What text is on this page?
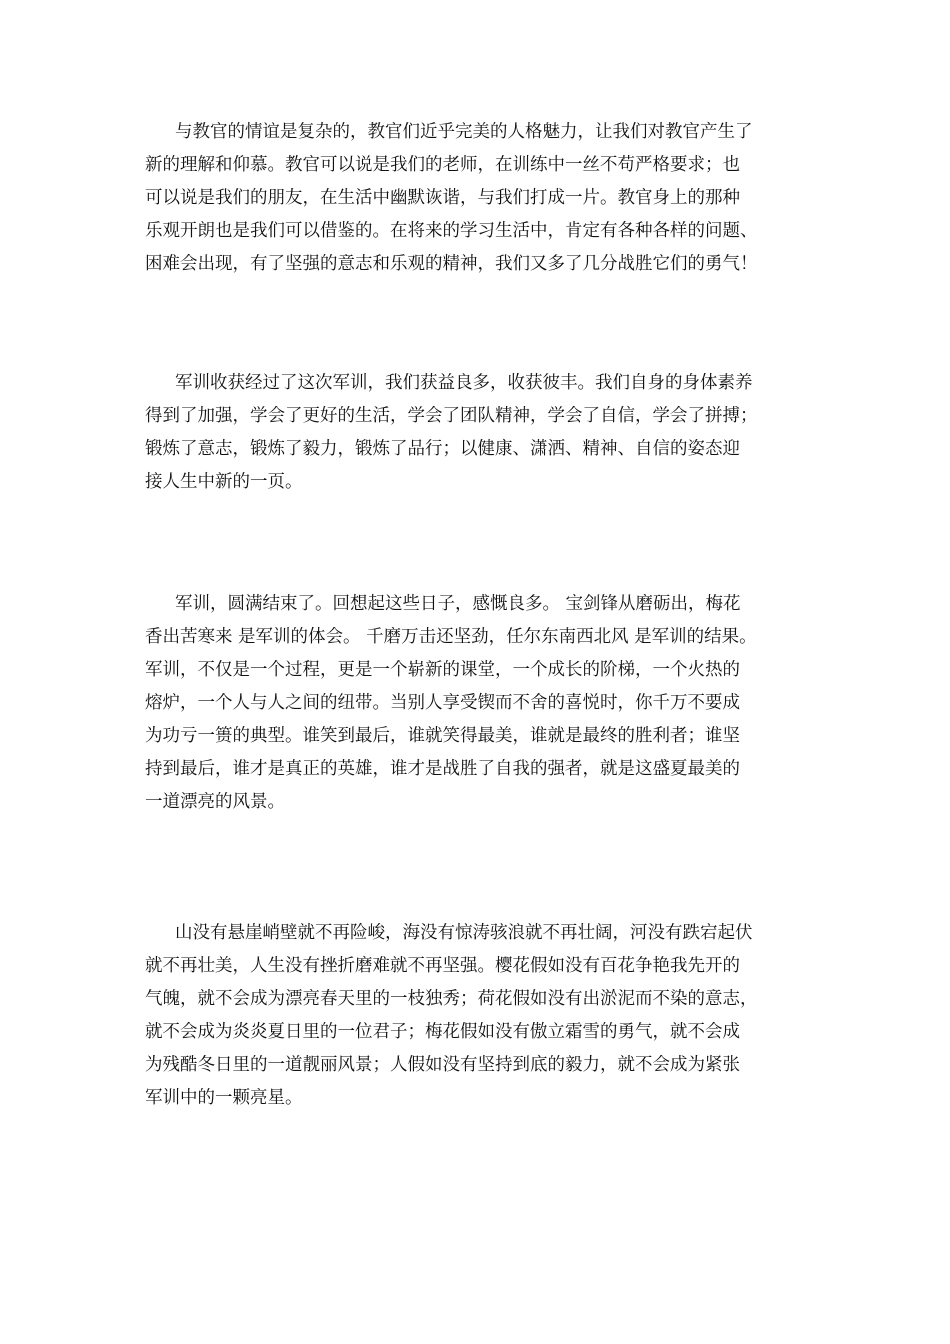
与教官的情谊是复杂的，教官们近乎完美的人格魅力，让我们对教官产生了
新的理解和仰慕。教官可以说是我们的老师，在训练中一丝不苟严格要求；也
可以说是我们的朋友，在生活中幽默诙谐，与我们打成一片。教官身上的那种
乐观开朗也是我们可以借鉴的。在将来的学习生活中，肯定有各种各样的问题、
困难会出现，有了坚强的意志和乐观的精神，我们又多了几分战胜它们的勇气！
军训收获经过了这次军训，我们获益良多，收获彼丰。我们自身的身体素养
得到了加强，学会了更好的生活，学会了团队精神，学会了自信，学会了拼搏；
锻炼了意志，锻炼了毅力，锻炼了品行；以健康、潇洒、精神、自信的姿态迎
接人生中新的一页。
军训，圆满结束了。回想起这些日子，感慨良多。 宝剑锋从磨砺出，梅花
香出苦寒来 是军训的体会。 千磨万击还坚劲，任尔东南西北风 是军训的结果。
军训，不仅是一个过程，更是一个崭新的课堂，一个成长的阶梯，一个火热的
熔炉，一个人与人之间的纽带。当别人享受锲而不舍的喜悦时，你千万不要成
为功亏一篑的典型。谁笑到最后，谁就笑得最美，谁就是最终的胜利者；谁坚
持到最后，谁才是真正的英雄，谁才是战胜了自我的强者，就是这盛夏最美的
一道漂亮的风景。
山没有悬崖峭壁就不再险峻，海没有惊涛骇浪就不再壮阔，河没有跌宕起伏
就不再壮美，人生没有挫折磨难就不再坚强。樱花假如没有百花争艳我先开的
气魄，就不会成为漂亮春天里的一枝独秀；荷花假如没有出淤泥而不染的意志，
就不会成为炎炎夏日里的一位君子；梅花假如没有傲立霜雪的勇气，就不会成
为残酷冬日里的一道靓丽风景；人假如没有坚持到底的毅力，就不会成为紧张
军训中的一颗亮星。
